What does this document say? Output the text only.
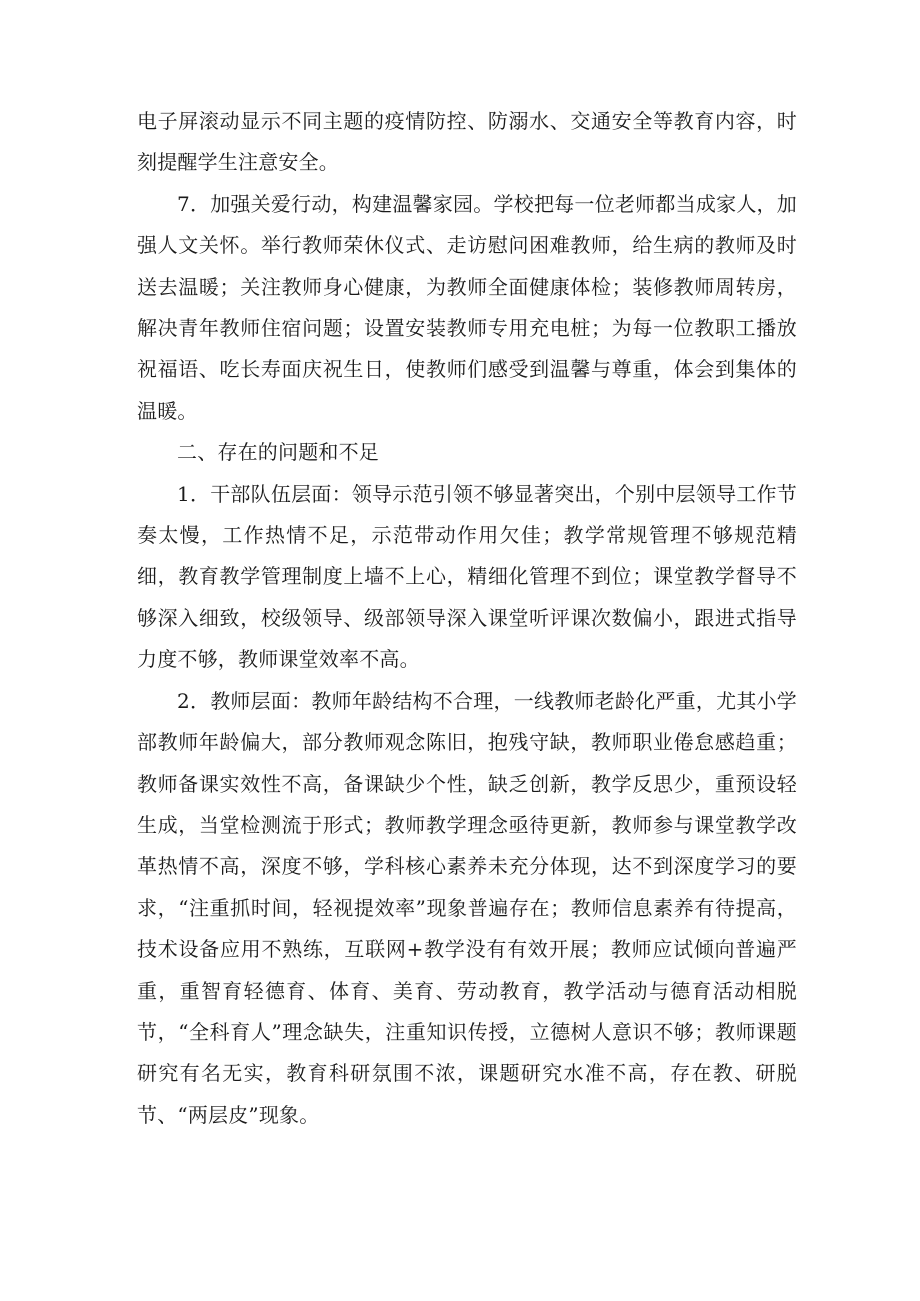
电子屏滚动显示不同主题的疫情防控、防溺水、交通安全等教育内容，时刻提醒学生注意安全。

7．加强关爱行动，构建温馨家园。学校把每一位老师都当成家人，加强人文关怀。举行教师荣休仪式、走访慰问困难教师，给生病的教师及时送去温暖；关注教师身心健康，为教师全面健康体检；装修教师周转房，解决青年教师住宿问题；设置安装教师专用充电桩；为每一位教职工播放祝福语、吃长寿面庆祝生日，使教师们感受到温馨与尊重，体会到集体的温暖。

二、存在的问题和不足

1．干部队伍层面：领导示范引领不够显著突出，个别中层领导工作节奏太慢，工作热情不足，示范带动作用欠佳；教学常规管理不够规范精细，教育教学管理制度上墙不上心，精细化管理不到位；课堂教学督导不够深入细致，校级领导、级部领导深入课堂听评课次数偏小，跟进式指导力度不够，教师课堂效率不高。

2．教师层面：教师年龄结构不合理，一线教师老龄化严重，尤其小学部教师年龄偏大，部分教师观念陈旧，抱残守缺，教师职业倦怠感趋重；教师备课实效性不高，备课缺少个性，缺乏创新，教学反思少，重预设轻生成，当堂检测流于形式；教师教学理念亟待更新，教师参与课堂教学改革热情不高，深度不够，学科核心素养未充分体现，达不到深度学习的要求，“注重抓时间，轻视提效率”现象普遍存在；教师信息素养有待提高，技术设备应用不熟练，互联网+教学没有有效开展；教师应试倾向普遍严重，重智育轻德育、体育、美育、劳动教育，教学活动与德育活动相脱节，“全科育人”理念缺失，注重知识传授，立德树人意识不够；教师课题研究有名无实，教育科研氛围不浓，课题研究水准不高，存在教、研脱节、“两层皮”现象。
